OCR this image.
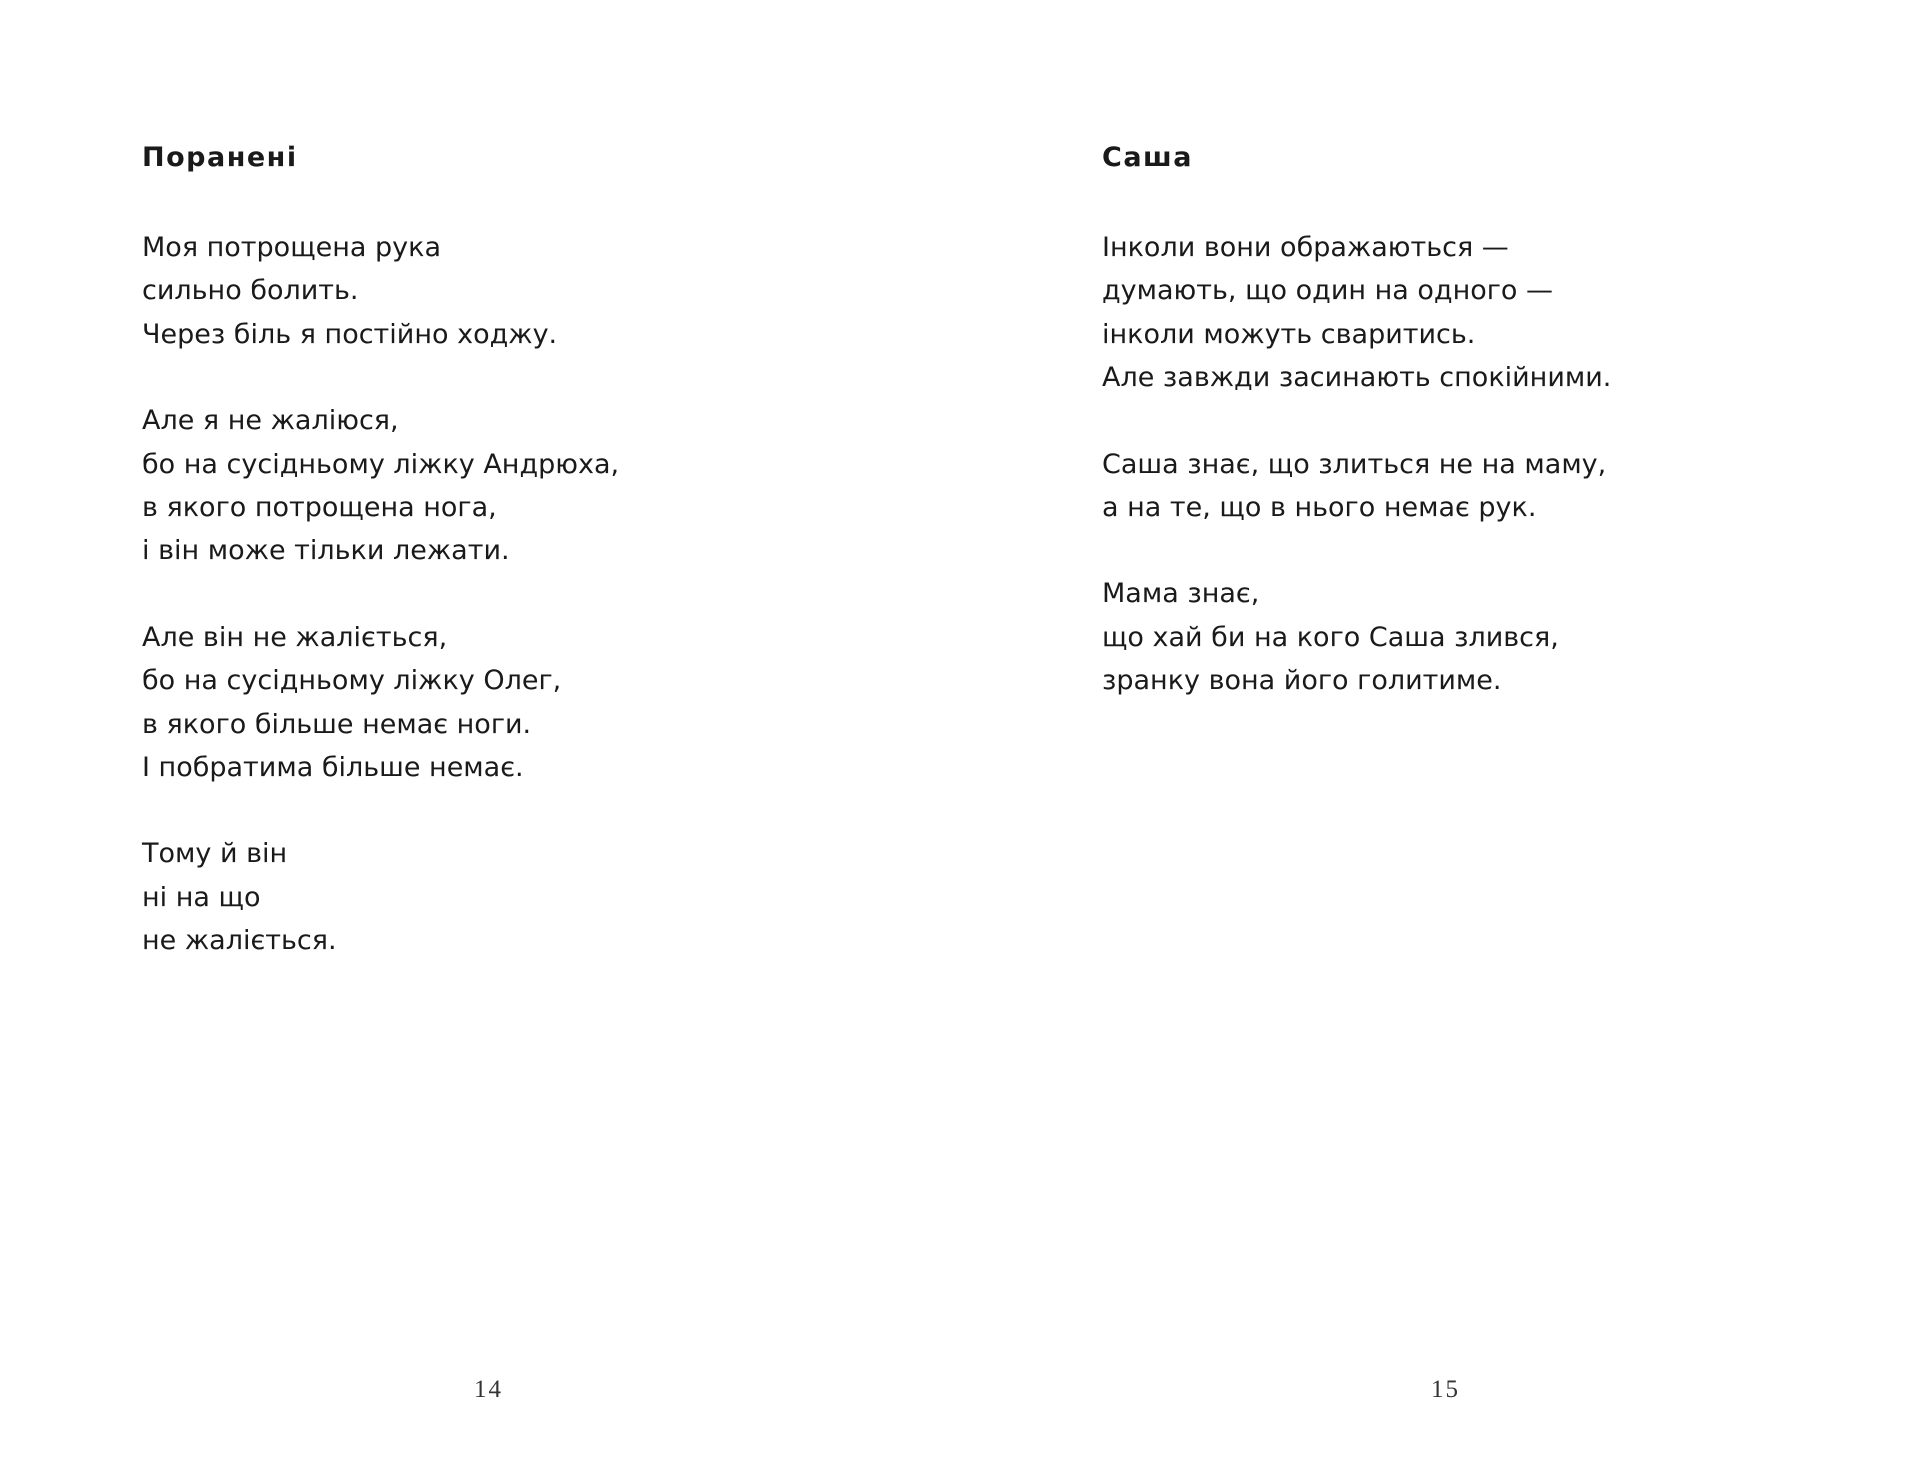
Поранені
Моя потрощена рука
сильно болить.
Через біль я постійно ходжу.
Але я не жаліюся,
бо на сусідньому ліжку Андрюха,
в якого потрощена нога,
і він може тільки лежати.
Але він не жаліється,
бо на сусідньому ліжку Олег,
в якого більше немає ноги.
І побратима більше немає.
Тому й він
ні на що
не жаліється.
14
Саша
Інколи вони ображаються —
думають, що один на одного —
інколи можуть сваритись.
Але завжди засинають спокійними.
Саша знає, що злиться не на маму,
а на те, що в нього немає рук.
Мама знає,
що хай би на кого Саша злився,
зранку вона його голитиме.
15
